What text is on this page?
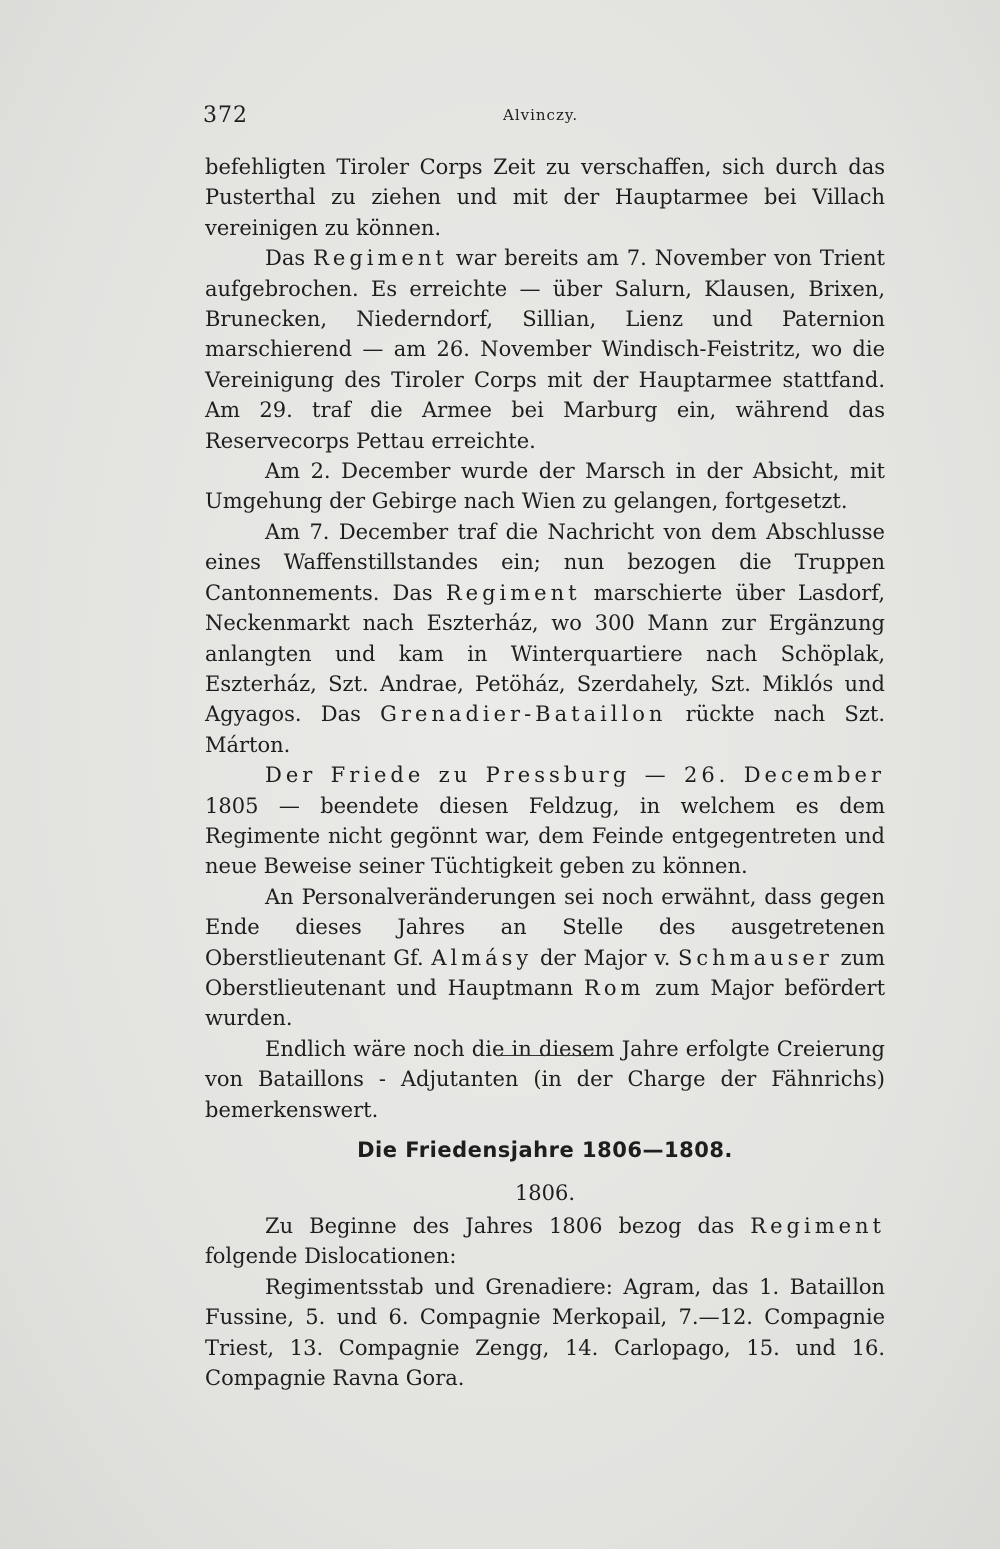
372	Alvinczy.

befehligten Tiroler Corps Zeit zu verschaffen, sich durch das Pusterthal zu ziehen und mit der Hauptarmee bei Villach vereinigen zu können.

Das Regiment war bereits am 7. November von Trient aufgebrochen. Es erreichte — über Salurn, Klausen, Brixen, Brunecken, Niederndorf, Sillian, Lienz und Paternion marschierend — am 26. November Windisch-Feistritz, wo die Vereinigung des Tiroler Corps mit der Hauptarmee stattfand. Am 29. traf die Armee bei Marburg ein, während das Reservecorps Pettau erreichte.

Am 2. December wurde der Marsch in der Absicht, mit Umgehung der Gebirge nach Wien zu gelangen, fortgesetzt.

Am 7. December traf die Nachricht von dem Abschlusse eines Waffenstillstandes ein; nun bezogen die Truppen Cantonnements. Das Regiment marschierte über Lasdorf, Neckenmarkt nach Eszterház, wo 300 Mann zur Ergänzung anlangten und kam in Winterquartiere nach Schöplak, Eszterház, Szt. Andrae, Petöház, Szerdahely, Szt. Miklós und Agyagos. Das Grenadier-Bataillon rückte nach Szt. Márton.

Der Friede zu Pressburg — 26. December 1805 — beendete diesen Feldzug, in welchem es dem Regimente nicht gegönnt war, dem Feinde entgegentreten und neue Beweise seiner Tüchtigkeit geben zu können.

An Personalveränderungen sei noch erwähnt, dass gegen Ende dieses Jahres an Stelle des ausgetretenen Oberstlieutenant Gf. Almásy der Major v. Schmauser zum Oberstlieutenant und Hauptmann Rom zum Major befördert wurden.

Endlich wäre noch die in diesem Jahre erfolgte Creierung von Bataillons - Adjutanten (in der Charge der Fähnrichs) bemerkenswert.

Die Friedensjahre 1806—1808.
1806.

Zu Beginne des Jahres 1806 bezog das Regiment folgende Dislocationen:

Regimentsstab und Grenadiere: Agram, das 1. Bataillon Fussine, 5. und 6. Compagnie Merkopail, 7.—12. Compagnie Triest, 13. Compagnie Zengg, 14. Carlopago, 15. und 16. Compagnie Ravna Gora.
